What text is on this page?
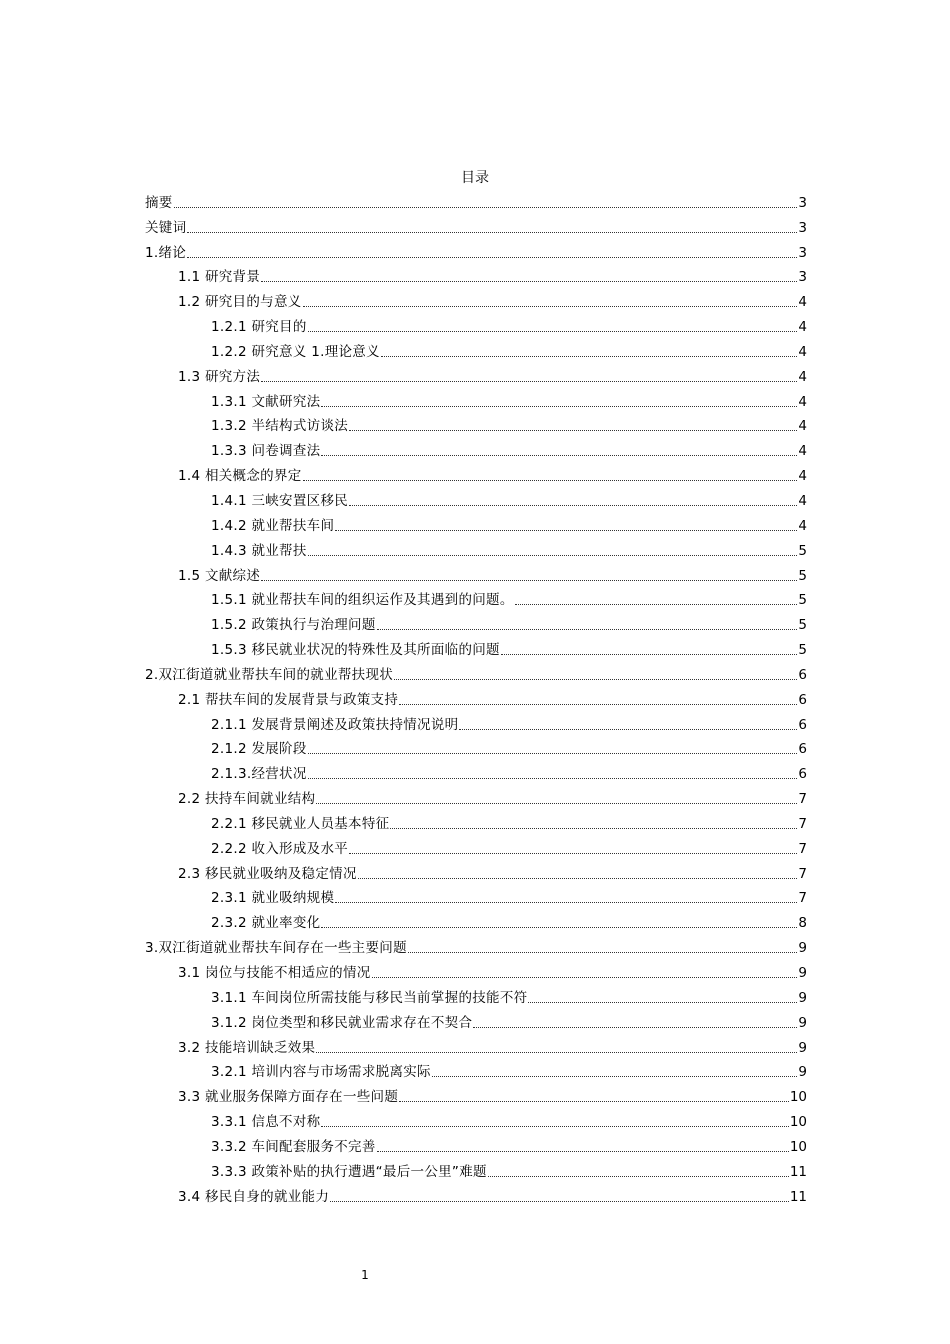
目录
摘要	3
关键词	3
1.绪论	3
1.1 研究背景	3
1.2 研究目的与意义	4
1.2.1 研究目的	4
1.2.2 研究意义 1.理论意义	4
1.3 研究方法	4
1.3.1 文献研究法	4
1.3.2 半结构式访谈法	4
1.3.3 问卷调查法	4
1.4 相关概念的界定	4
1.4.1 三峡安置区移民	4
1.4.2 就业帮扶车间	4
1.4.3 就业帮扶	5
1.5 文献综述	5
1.5.1 就业帮扶车间的组织运作及其遇到的问题。	5
1.5.2 政策执行与治理问题	5
1.5.3 移民就业状况的特殊性及其所面临的问题	5
2.双江街道就业帮扶车间的就业帮扶现状	6
2.1 帮扶车间的发展背景与政策支持	6
2.1.1 发展背景阐述及政策扶持情况说明	6
2.1.2 发展阶段	6
2.1.3.经营状况	6
2.2 扶持车间就业结构	7
2.2.1 移民就业人员基本特征	7
2.2.2 收入形成及水平	7
2.3 移民就业吸纳及稳定情况	7
2.3.1 就业吸纳规模	7
2.3.2 就业率变化	8
3.双江街道就业帮扶车间存在一些主要问题	9
3.1 岗位与技能不相适应的情况	9
3.1.1 车间岗位所需技能与移民当前掌握的技能不符	9
3.1.2 岗位类型和移民就业需求存在不契合	9
3.2 技能培训缺乏效果	9
3.2.1 培训内容与市场需求脱离实际	9
3.3 就业服务保障方面存在一些问题	10
3.3.1 信息不对称	10
3.3.2 车间配套服务不完善	10
3.3.3 政策补贴的执行遭遇“最后一公里”难题	11
3.4 移民自身的就业能力	11
1
